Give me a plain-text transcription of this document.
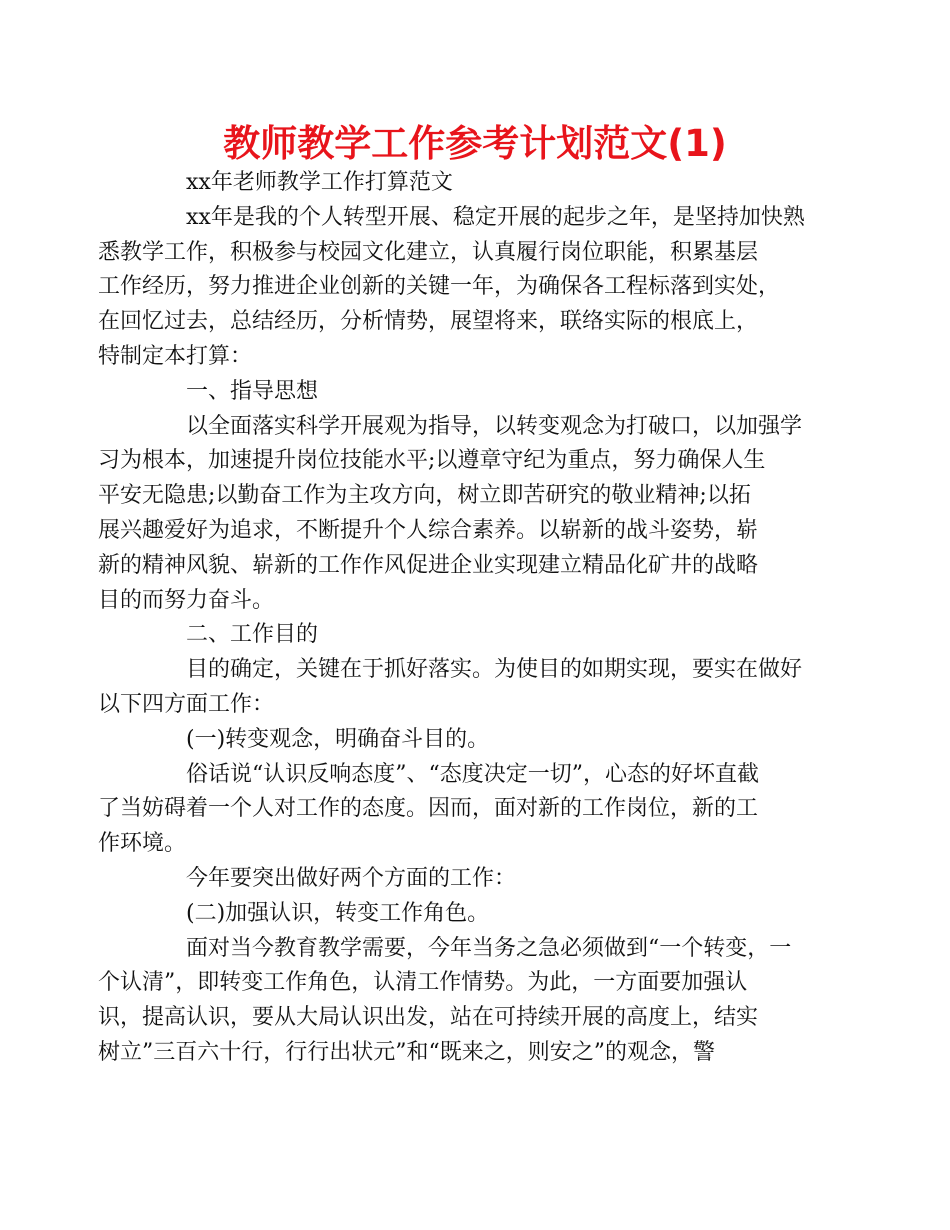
教师教学工作参考计划范文(1)

xx年老师教学工作打算范文

xx年是我的个人转型开展、稳定开展的起步之年，是坚持加快熟
悉教学工作，积极参与校园文化建立，认真履行岗位职能，积累基层
工作经历，努力推进企业创新的关键一年，为确保各工程标落到实处，
在回忆过去，总结经历，分析情势，展望将来，联络实际的根底上，
特制定本打算：

一、指导思想

以全面落实科学开展观为指导，以转变观念为打破口，以加强学
习为根本，加速提升岗位技能水平;以遵章守纪为重点，努力确保人生
平安无隐患;以勤奋工作为主攻方向，树立即苦研究的敬业精神;以拓
展兴趣爱好为追求，不断提升个人综合素养。以崭新的战斗姿势，崭
新的精神风貌、崭新的工作作风促进企业实现建立精品化矿井的战略
目的而努力奋斗。

二、工作目的

目的确定，关键在于抓好落实。为使目的如期实现，要实在做好
以下四方面工作：

(一)转变观念，明确奋斗目的。

俗话说“认识反响态度”、“态度决定一切”，心态的好坏直截
了当妨碍着一个人对工作的态度。因而，面对新的工作岗位，新的工
作环境。

今年要突出做好两个方面的工作：

(二)加强认识，转变工作角色。

面对当今教育教学需要，今年当务之急必须做到“一个转变，一
个认清”，即转变工作角色，认清工作情势。为此，一方面要加强认
识，提高认识，要从大局认识出发，站在可持续开展的高度上，结实
树立”三百六十行，行行出状元”和“既来之，则安之”的观念，警
